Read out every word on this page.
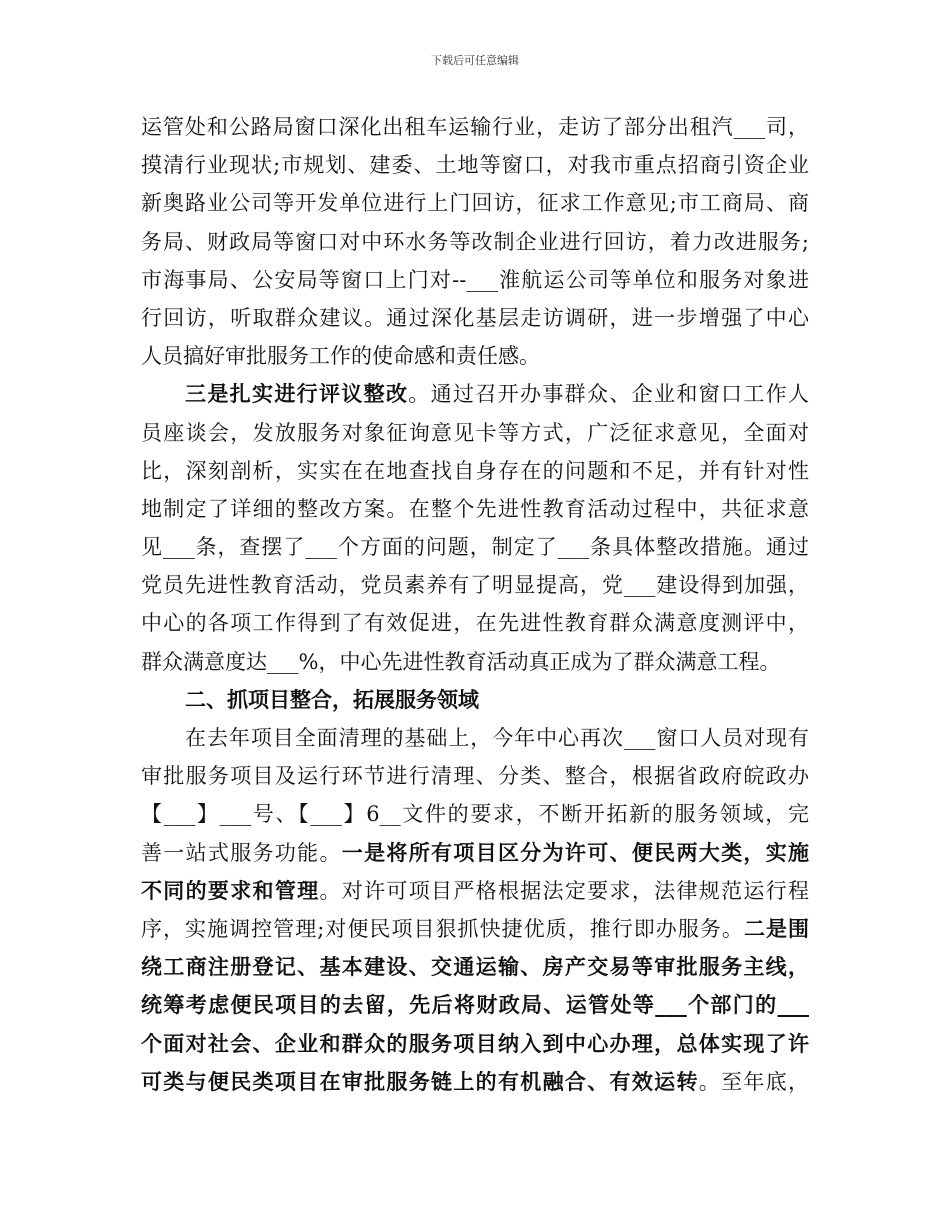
下载后可任意编辑
运管处和公路局窗口深化出租车运输行业，走访了部分出租汽___司，
摸清行业现状;市规划、建委、土地等窗口，对我市重点招商引资企业
新奥路业公司等开发单位进行上门回访，征求工作意见;市工商局、商
务局、财政局等窗口对中环水务等改制企业进行回访，着力改进服务;
市海事局、公安局等窗口上门对--___淮航运公司等单位和服务对象进
行回访，听取群众建议。通过深化基层走访调研，进一步增强了中心
人员搞好审批服务工作的使命感和责任感。
三是扎实进行评议整改。通过召开办事群众、企业和窗口工作人
员座谈会，发放服务对象征询意见卡等方式，广泛征求意见，全面对
比，深刻剖析，实实在在地查找自身存在的问题和不足，并有针对性
地制定了详细的整改方案。在整个先进性教育活动过程中，共征求意
见___条，查摆了___个方面的问题，制定了___条具体整改措施。通过
党员先进性教育活动，党员素养有了明显提高，党___建设得到加强，
中心的各项工作得到了有效促进，在先进性教育群众满意度测评中，
群众满意度达___%，中心先进性教育活动真正成为了群众满意工程。
二、抓项目整合，拓展服务领域
在去年项目全面清理的基础上，今年中心再次___窗口人员对现有
审批服务项目及运行环节进行清理、分类、整合，根据省政府皖政办
【___】___号、【___】6__文件的要求，不断开拓新的服务领域，完
善一站式服务功能。一是将所有项目区分为许可、便民两大类，实施
不同的要求和管理。对许可项目严格根据法定要求，法律规范运行程
序，实施调控管理;对便民项目狠抓快捷优质，推行即办服务。二是围
绕工商注册登记、基本建设、交通运输、房产交易等审批服务主线，
统筹考虑便民项目的去留，先后将财政局、运管处等___个部门的___
个面对社会、企业和群众的服务项目纳入到中心办理，总体实现了许
可类与便民类项目在审批服务链上的有机融合、有效运转。至年底，
